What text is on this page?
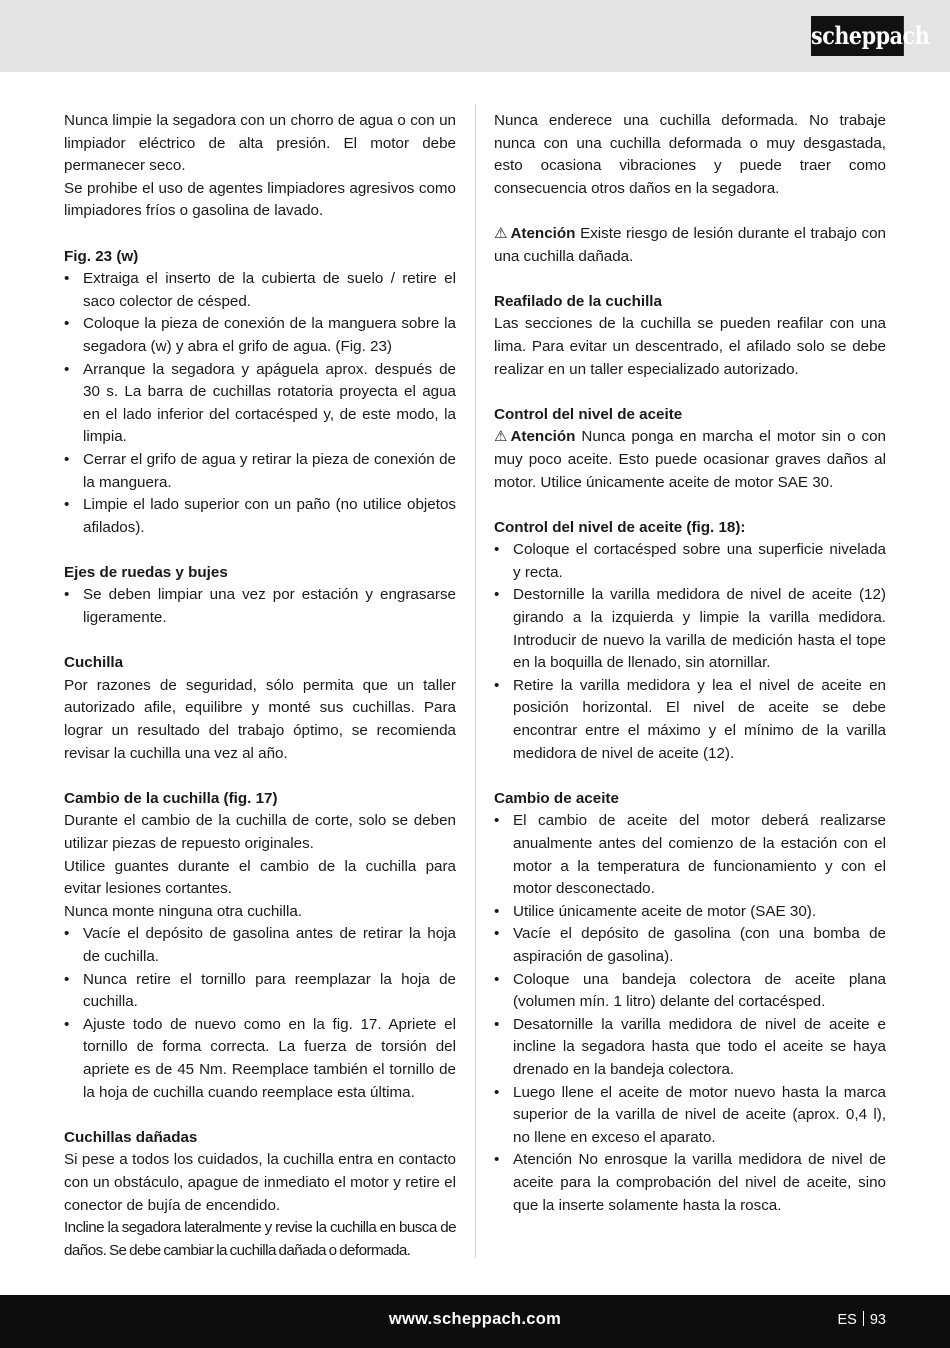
scheppach
Nunca limpie la segadora con un chorro de agua o con un limpiador eléctrico de alta presión. El motor debe permanecer seco.
Se prohibe el uso de agentes limpiadores agresivos como limpiadores fríos o gasolina de lavado.
Fig. 23 (w)
• Extraiga el inserto de la cubierta de suelo / retire el saco colector de césped.
• Coloque la pieza de conexión de la manguera sobre la segadora (w) y abra el grifo de agua. (Fig. 23)
• Arranque la segadora y apáguela aprox. después de 30 s. La barra de cuchillas rotatoria proyecta el agua en el lado inferior del cortacésped y, de este modo, la limpia.
• Cerrar el grifo de agua y retirar la pieza de conexión de la manguera.
• Limpie el lado superior con un paño (no utilice objetos afilados).
Ejes de ruedas y bujes
• Se deben limpiar una vez por estación y engrasarse ligeramente.
Cuchilla
Por razones de seguridad, sólo permita que un taller autorizado afile, equilibre y monté sus cuchillas. Para lograr un resultado del trabajo óptimo, se recomienda revisar la cuchilla una vez al año.
Cambio de la cuchilla (fig. 17)
Durante el cambio de la cuchilla de corte, solo se deben utilizar piezas de repuesto originales.
Utilice guantes durante el cambio de la cuchilla para evitar lesiones cortantes.
Nunca monte ninguna otra cuchilla.
• Vacíe el depósito de gasolina antes de retirar la hoja de cuchilla.
• Nunca retire el tornillo para reemplazar la hoja de cuchilla.
• Ajuste todo de nuevo como en la fig. 17. Apriete el tornillo de forma correcta. La fuerza de torsión del apriete es de 45 Nm. Reemplace también el tornillo de la hoja de cuchilla cuando reemplace esta última.
Cuchillas dañadas
Si pese a todos los cuidados, la cuchilla entra en contacto con un obstáculo, apague de inmediato el motor y retire el conector de bujía de encendido.
Incline la segadora lateralmente y revise la cuchilla en busca de daños. Se debe cambiar la cuchilla dañada o deformada.
Nunca enderece una cuchilla deformada. No trabaje nunca con una cuchilla deformada o muy desgastada, esto ocasiona vibraciones y puede traer como consecuencia otros daños en la segadora.
⚠ Atención Existe riesgo de lesión durante el trabajo con una cuchilla dañada.
Reafilado de la cuchilla
Las secciones de la cuchilla se pueden reafilar con una lima. Para evitar un descentrado, el afilado solo se debe realizar en un taller especializado autorizado.
Control del nivel de aceite
⚠ Atención Nunca ponga en marcha el motor sin o con muy poco aceite. Esto puede ocasionar graves daños al motor. Utilice únicamente aceite de motor SAE 30.
Control del nivel de aceite (fig. 18):
• Coloque el cortacésped sobre una superficie nivelada y recta.
• Destornille la varilla medidora de nivel de aceite (12) girando a la izquierda y limpie la varilla medidora. Introducir de nuevo la varilla de medición hasta el tope en la boquilla de llenado, sin atornillar.
• Retire la varilla medidora y lea el nivel de aceite en posición horizontal. El nivel de aceite se debe encontrar entre el máximo y el mínimo de la varilla medidora de nivel de aceite (12).
Cambio de aceite
• El cambio de aceite del motor deberá realizarse anualmente antes del comienzo de la estación con el motor a la temperatura de funcionamiento y con el motor desconectado.
• Utilice únicamente aceite de motor (SAE 30).
• Vacíe el depósito de gasolina (con una bomba de aspiración de gasolina).
• Coloque una bandeja colectora de aceite plana (volumen mín. 1 litro) delante del cortacésped.
• Desatornille la varilla medidora de nivel de aceite e incline la segadora hasta que todo el aceite se haya drenado en la bandeja colectora.
• Luego llene el aceite de motor nuevo hasta la marca superior de la varilla de nivel de aceite (aprox. 0,4 l), no llene en exceso el aparato.
• Atención No enrosque la varilla medidora de nivel de aceite para la comprobación del nivel de aceite, sino que la inserte solamente hasta la rosca.
www.scheppach.com	ES 93
